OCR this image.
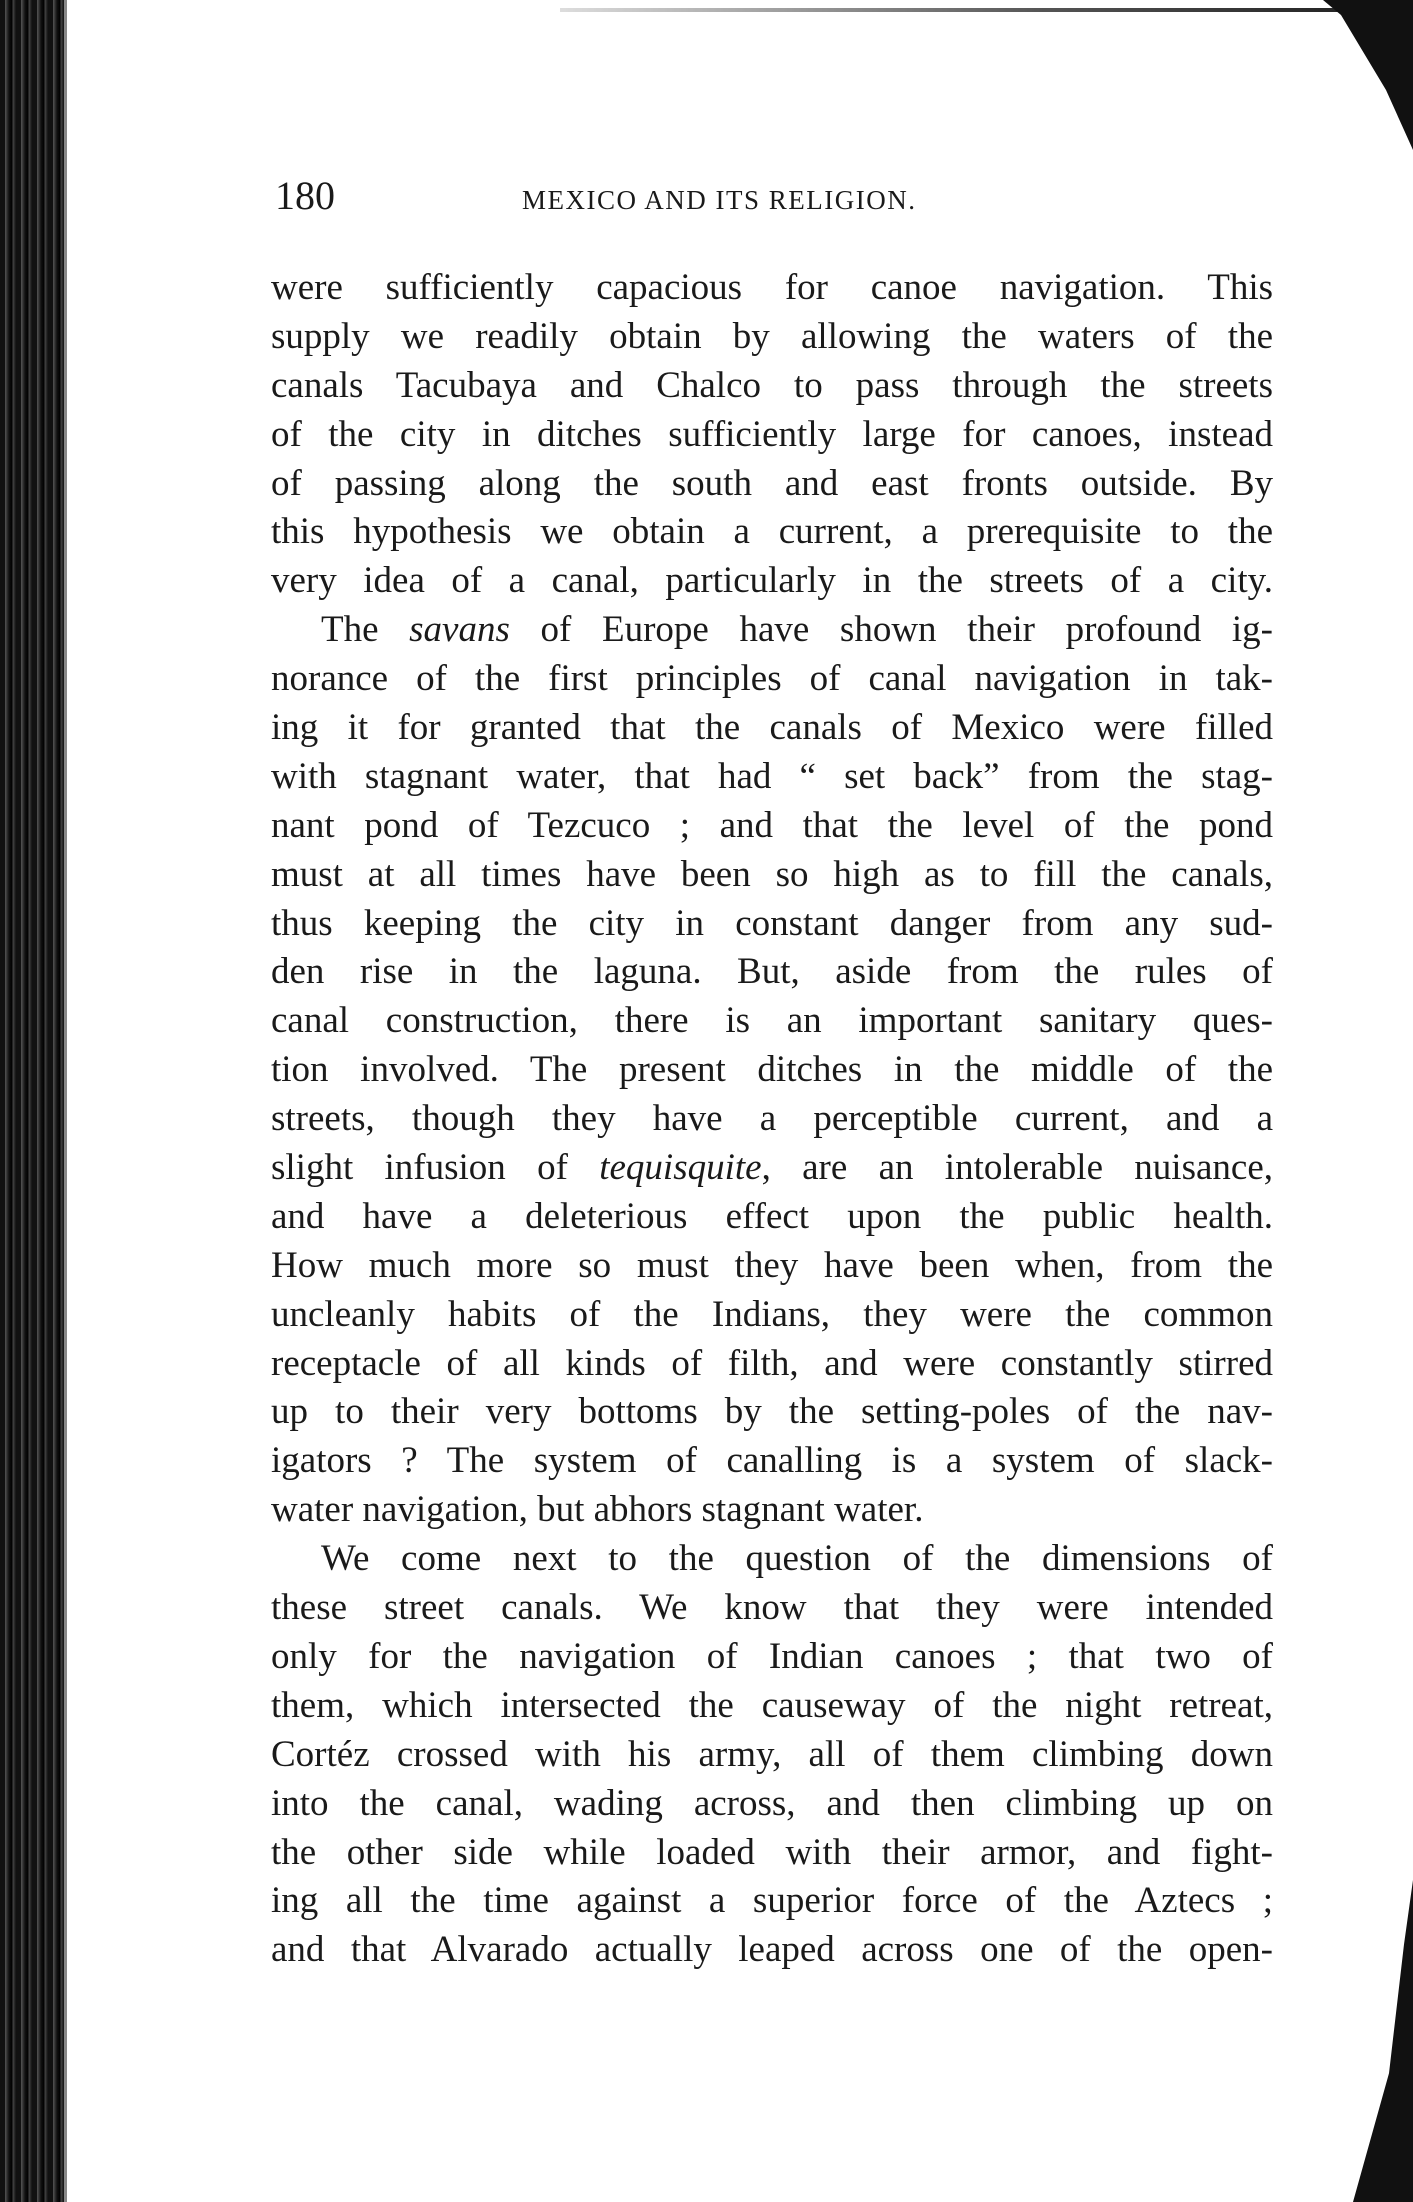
180	MEXICO AND ITS RELIGION.
were sufficiently capacious for canoe navigation. This
supply we readily obtain by allowing the waters of the
canals Tacubaya and Chalco to pass through the streets
of the city in ditches sufficiently large for canoes, instead
of passing along the south and east fronts outside. By
this hypothesis we obtain a current, a prerequisite to the
very idea of a canal, particularly in the streets of a city.
The savans of Europe have shown their profound ig-
norance of the first principles of canal navigation in tak-
ing it for granted that the canals of Mexico were filled
with stagnant water, that had “ set back” from the stag-
nant pond of Tezcuco ; and that the level of the pond
must at all times have been so high as to fill the canals,
thus keeping the city in constant danger from any sud-
den rise in the laguna. But, aside from the rules of
canal construction, there is an important sanitary ques-
tion involved. The present ditches in the middle of the
streets, though they have a perceptible current, and a
slight infusion of tequisquite, are an intolerable nuisance,
and have a deleterious effect upon the public health.
How much more so must they have been when, from the
uncleanly habits of the Indians, they were the common
receptacle of all kinds of filth, and were constantly stirred
up to their very bottoms by the setting-poles of the nav-
igators ? The system of canalling is a system of slack-
water navigation, but abhors stagnant water.
We come next to the question of the dimensions of
these street canals. We know that they were intended
only for the navigation of Indian canoes ; that two of
them, which intersected the causeway of the night retreat,
Cortéz crossed with his army, all of them climbing down
into the canal, wading across, and then climbing up on
the other side while loaded with their armor, and fight-
ing all the time against a superior force of the Aztecs ;
and that Alvarado actually leaped across one of the open-
